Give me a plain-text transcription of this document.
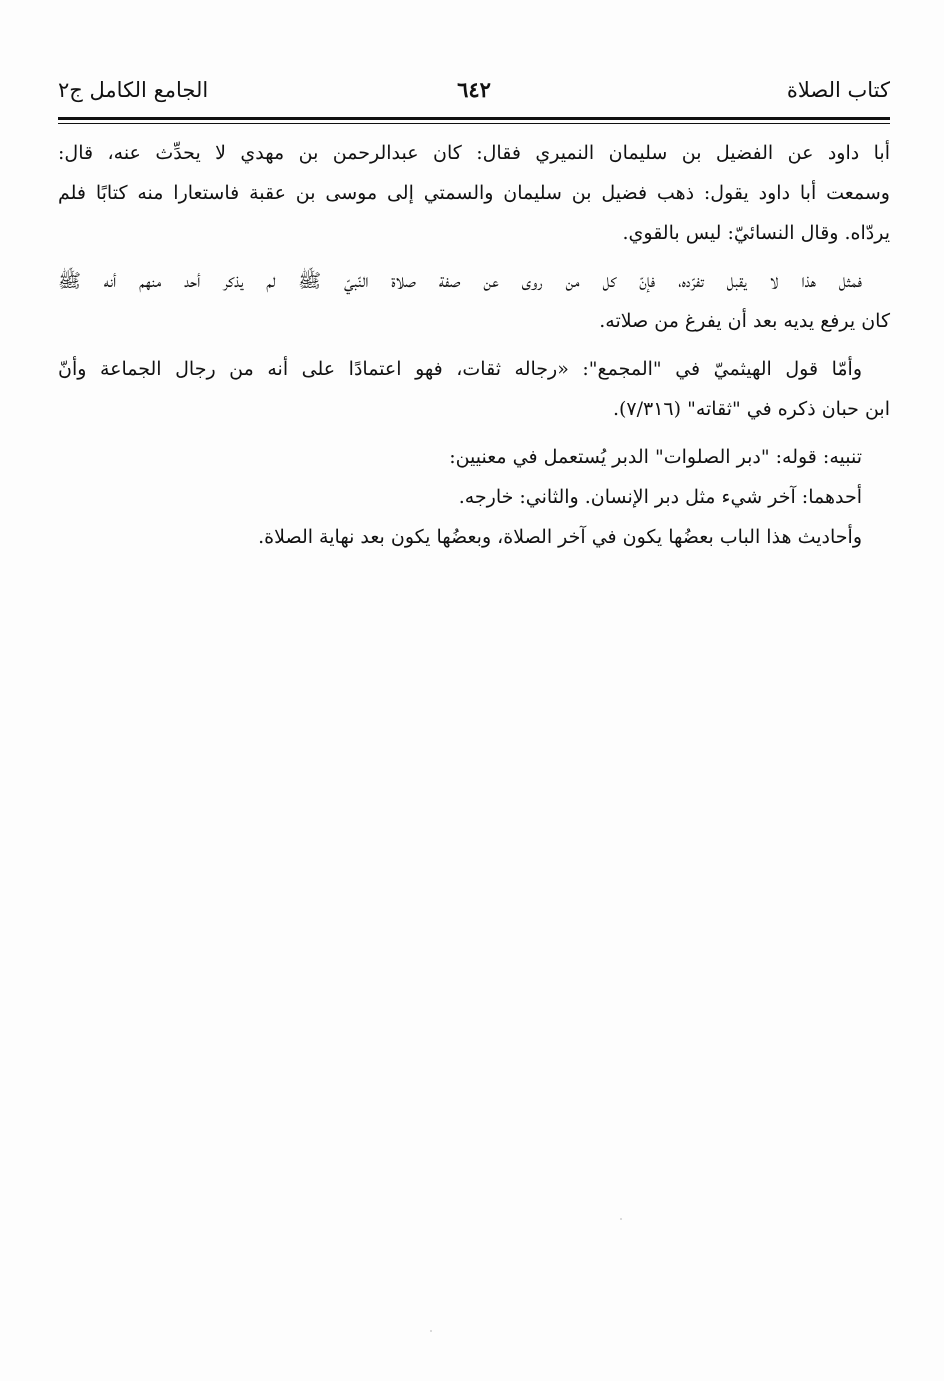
كتاب الصلاة
٦٤٢
الجامع الكامل ج٢
أبا داود عن الفضيل بن سليمان النميري فقال: كان عبدالرحمن بن مهدي لا يحدِّث عنه، قال:
وسمعت أبا داود يقول: ذهب فضيل بن سليمان والسمتي إلى موسى بن عقبة فاستعارا منه كتابًا فلم
يردّاه. وقال النسائيّ: ليس بالقوي.
فمثل هذا لا يقبل تفرّده، فإنّ كل من روى عن صفة صلاة النّبيّ ﷺ لم يذكر أحد منهم أنه ﷺ
كان يرفع يديه بعد أن يفرغ من صلاته.
وأمّا قول الهيثميّ في "المجمع": «رجاله ثقات، فهو اعتمادًا على أنه من رجال الجماعة وأنّ
ابن حبان ذكره في "ثقاته" (٧/٣١٦).
تنبيه: قوله: "دبر الصلوات" الدبر يُستعمل في معنيين:
أحدهما: آخر شيء مثل دبر الإنسان. والثاني: خارجه.
وأحاديث هذا الباب بعضُها يكون في آخر الصلاة، وبعضُها يكون بعد نهاية الصلاة.
